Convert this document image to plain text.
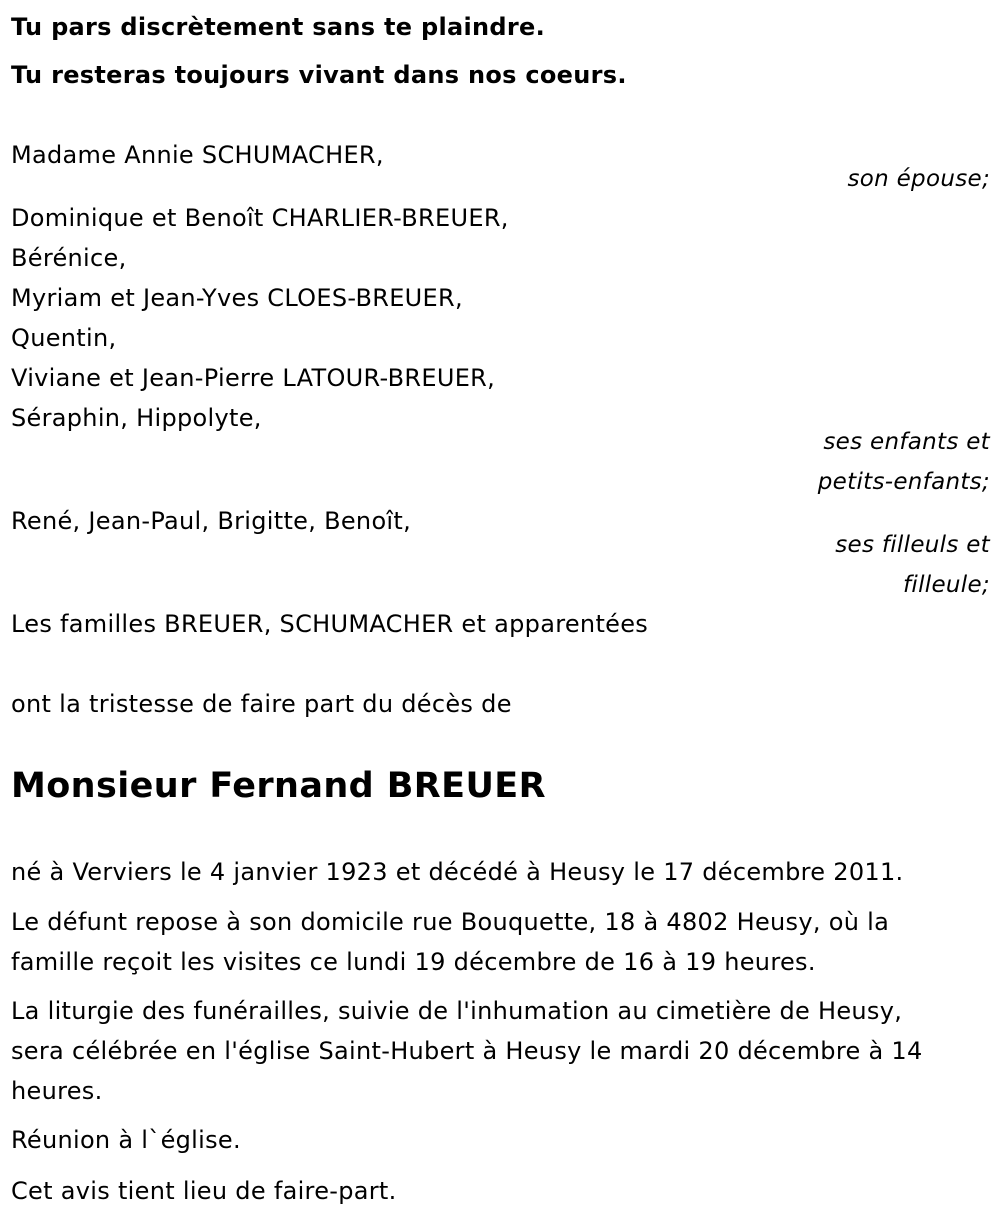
Tu pars discrètement sans te plaindre.
Tu resteras toujours vivant dans nos coeurs.
Madame Annie SCHUMACHER,
son épouse;
Dominique et Benoît CHARLIER-BREUER,
Bérénice,
Myriam et Jean-Yves CLOES-BREUER,
Quentin,
Viviane et Jean-Pierre LATOUR-BREUER,
Séraphin, Hippolyte,
ses enfants et
petits-enfants;
René, Jean-Paul, Brigitte, Benoît,
ses filleuls et
filleule;
Les familles BREUER, SCHUMACHER et apparentées
ont la tristesse de faire part du décès de
Monsieur Fernand BREUER
né à Verviers le 4 janvier 1923 et décédé à Heusy le 17 décembre 2011.
Le défunt repose à son domicile rue Bouquette, 18 à 4802 Heusy, où la
famille reçoit les visites ce lundi 19 décembre de 16 à 19 heures.
La liturgie des funérailles, suivie de l'inhumation au cimetière de Heusy,
sera célébrée en l'église Saint-Hubert à Heusy le mardi 20 décembre à 14
heures.
Réunion à l`église.
Cet avis tient lieu de faire-part.
